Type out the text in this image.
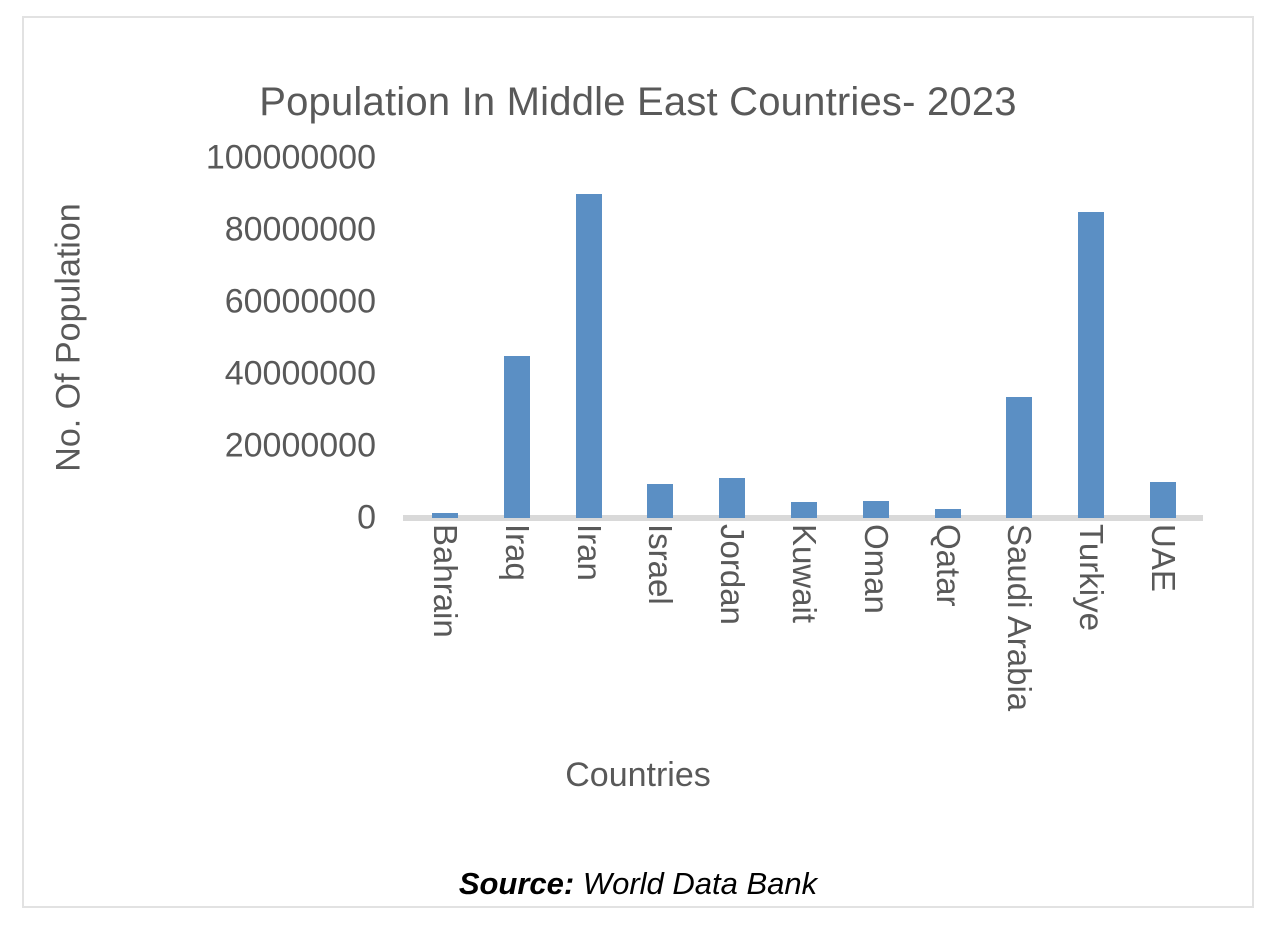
Population In Middle East Countries- 2023
No. Of Population
100000000
80000000
60000000
40000000
20000000
0
Bahrain Iraq Iran Israel Jordan Kuwait Oman Qatar Saudi Arabia Turkiye UAE
Countries
Source: World Data Bank
